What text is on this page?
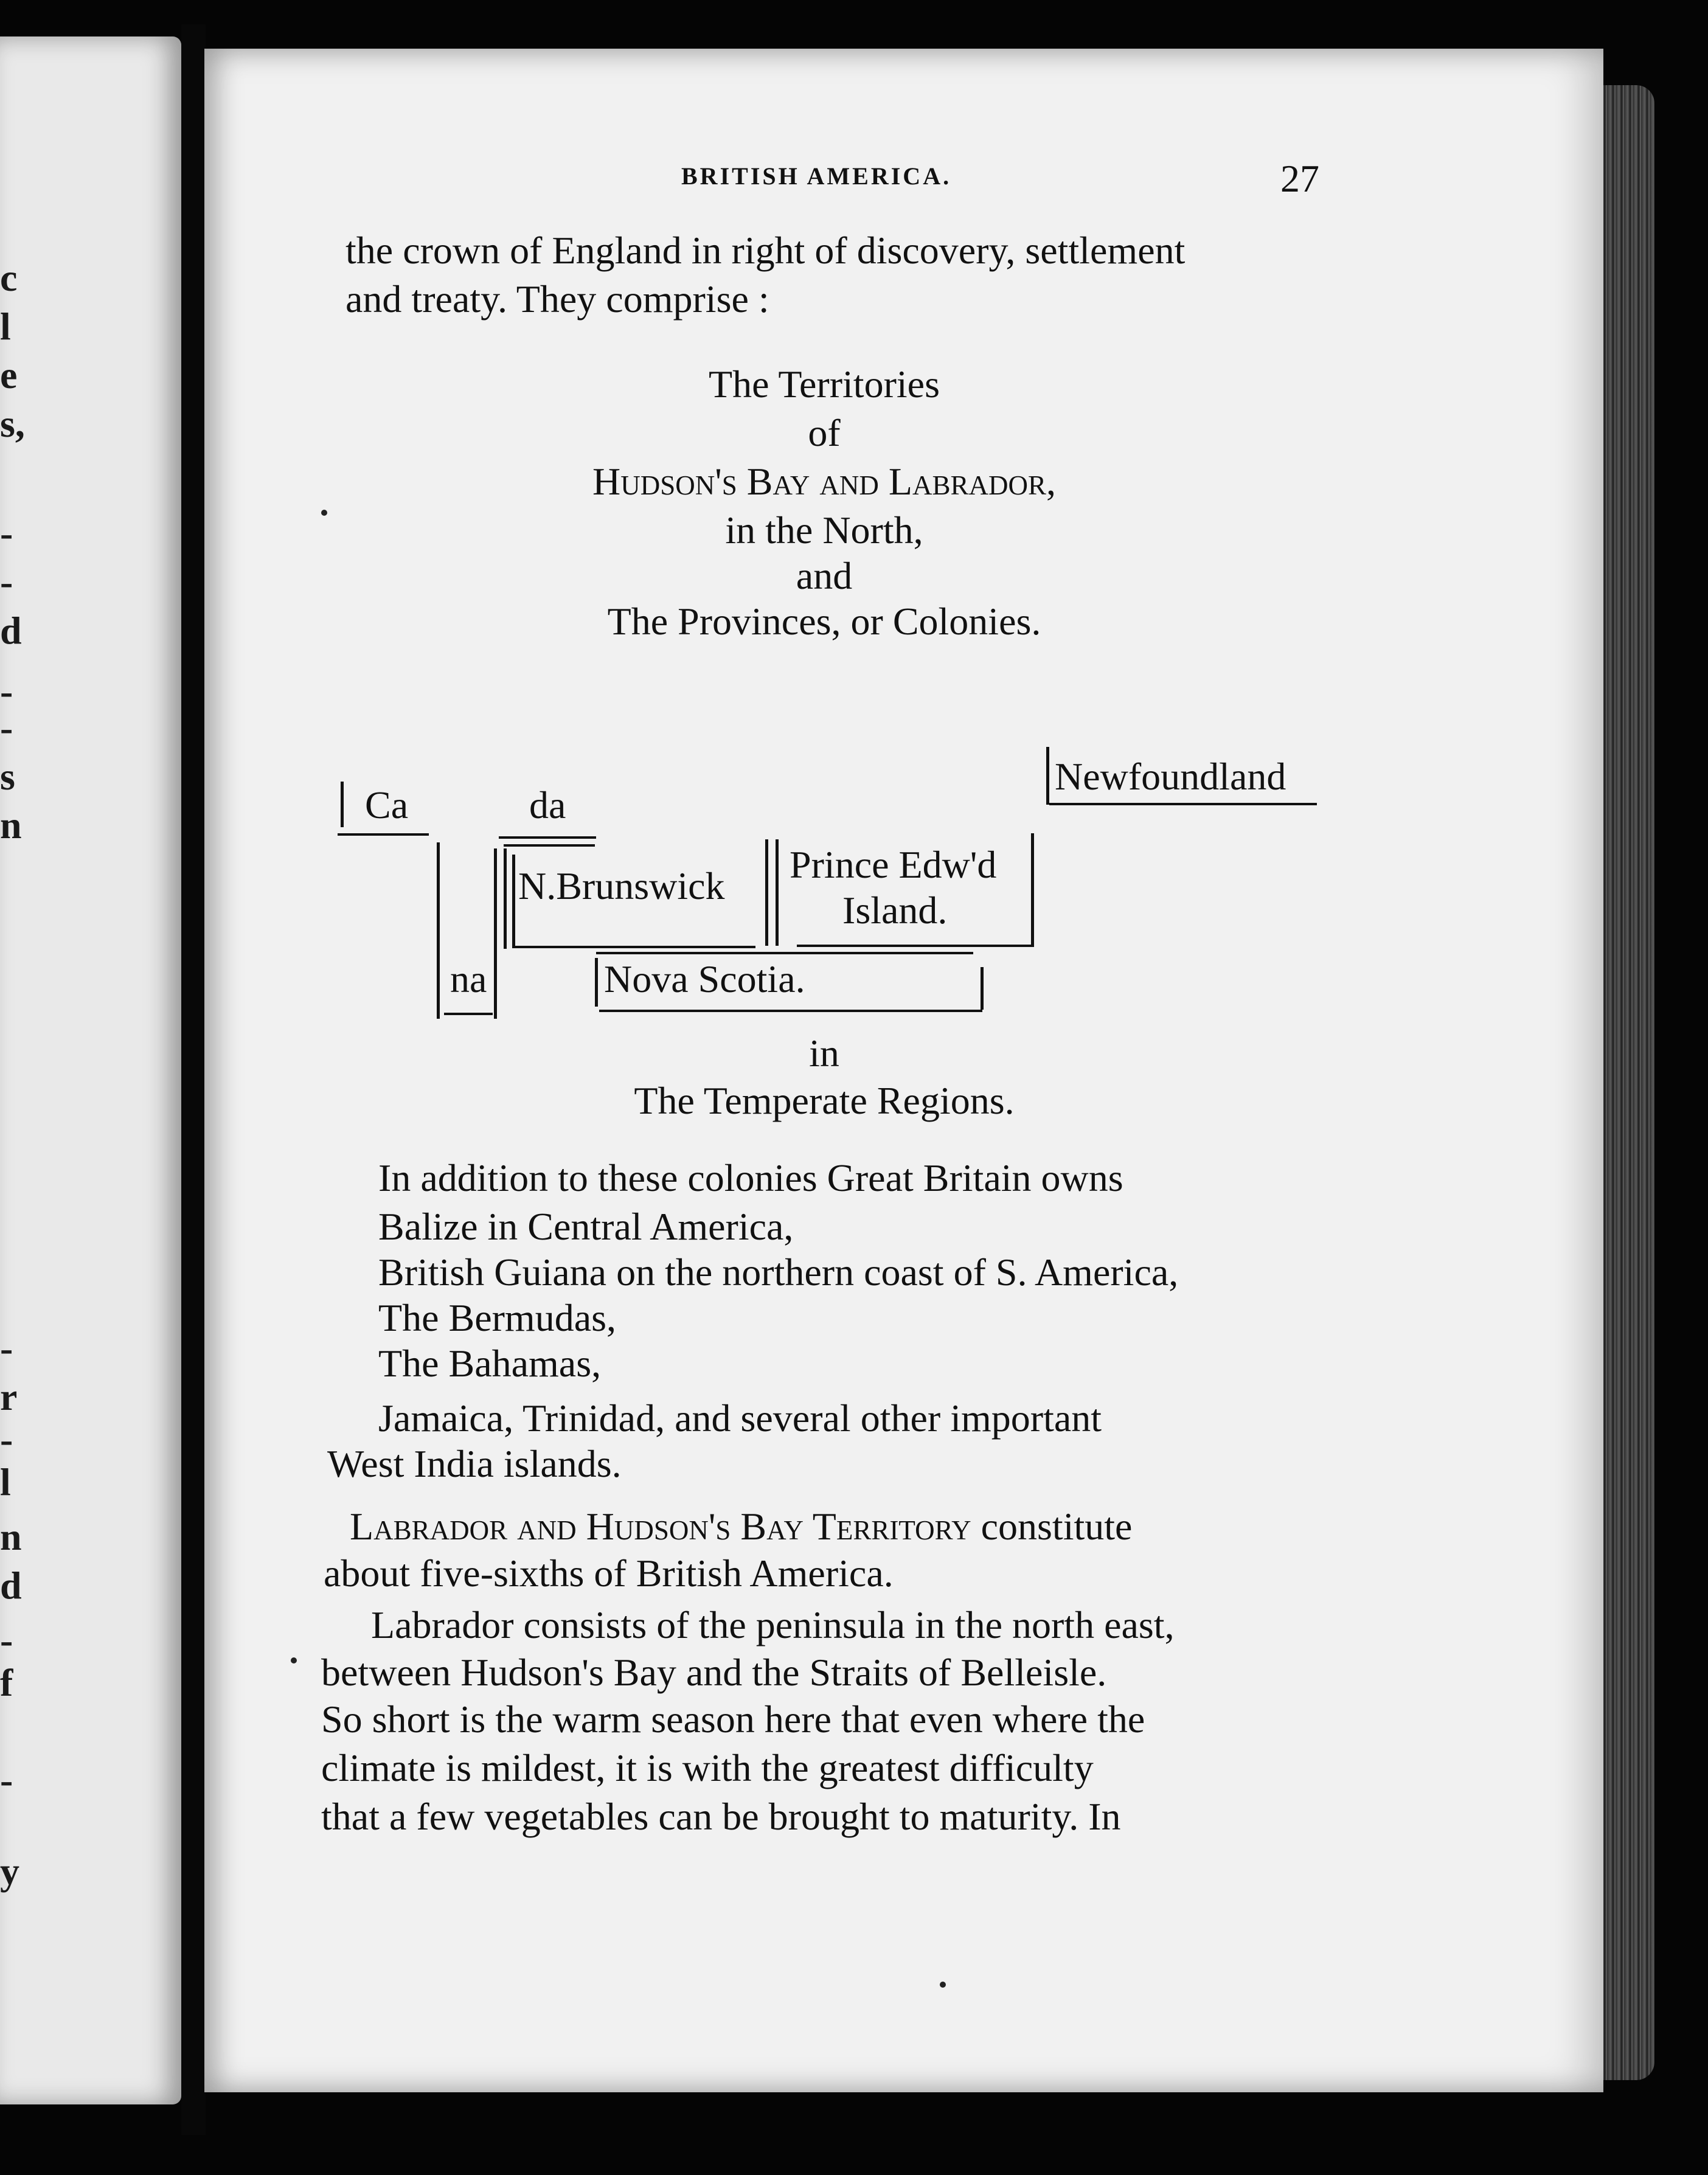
c
l
e
s,
-
-
d
-
-
s
n
-
r
-
l
n
d
-
f
-
y
BRITISH AMERICA.	27
the crown of England in right of discovery, settlement
and treaty. They comprise :
The Territories
of
Hudson's Bay and Labrador,
in the North,
and
The Provinces, or Colonies.
Ca	da
na
N.Brunswick Prince Edw'd
Island.
Nova Scotia.
Newfoundland
in
The Temperate Regions.
In addition to these colonies Great Britain owns
Balize in Central America,
British Guiana on the northern coast of S. America,
The Bermudas,
The Bahamas,
Jamaica, Trinidad, and several other important
West India islands.
Labrador and Hudson's Bay Territory constitute
about five-sixths of British America.
Labrador consists of the peninsula in the north east,
between Hudson's Bay and the Straits of Belleisle.
So short is the warm season here that even where the
climate is mildest, it is with the greatest difficulty
that a few vegetables can be brought to maturity. In
